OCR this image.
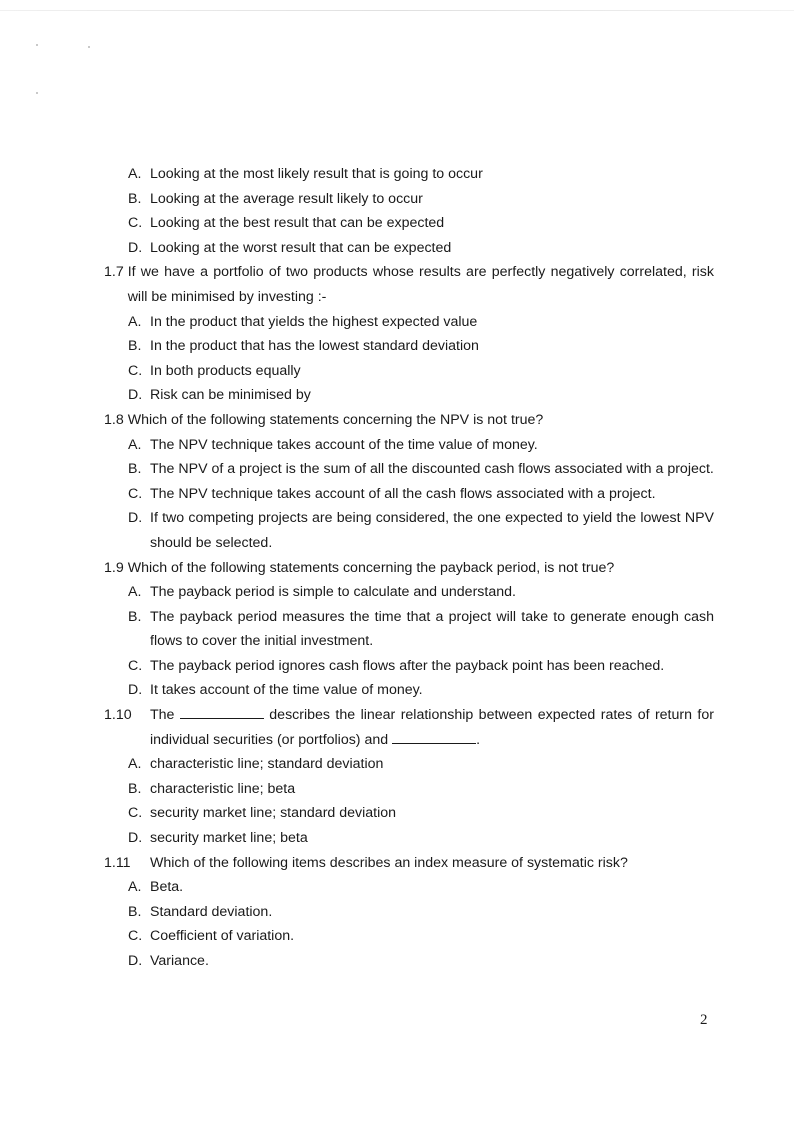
A. Looking at the most likely result that is going to occur
B. Looking at the average result likely to occur
C. Looking at the best result that can be expected
D. Looking at the worst result that can be expected
1.7
If we have a portfolio of two products whose results are perfectly negatively correlated, risk will be minimised by investing :-
A. In the product that yields the highest expected value
B. In the product that has the lowest standard deviation
C. In both products equally
D. Risk can be minimised by
1.8
Which of the following statements concerning the NPV is not true?
A. The NPV technique takes account of the time value of money.
B. The NPV of a project is the sum of all the discounted cash flows associated with a project.
C. The NPV technique takes account of all the cash flows associated with a project.
D. If two competing projects are being considered, the one expected to yield the lowest NPV should be selected.
1.9
Which of the following statements concerning the payback period, is not true?
A. The payback period is simple to calculate and understand.
B. The payback period measures the time that a project will take to generate enough cash flows to cover the initial investment.
C. The payback period ignores cash flows after the payback point has been reached.
D. It takes account of the time value of money.
1.10	The	describes the linear relationship between expected rates of return for individual securities (or portfolios) and	.
A. characteristic line; standard deviation
B. characteristic line; beta
C. security market line; standard deviation
D. security market line; beta
1.11	Which of the following items describes an index measure of systematic risk?
A. Beta.
B. Standard deviation.
C. Coefficient of variation.
D. Variance.
2
